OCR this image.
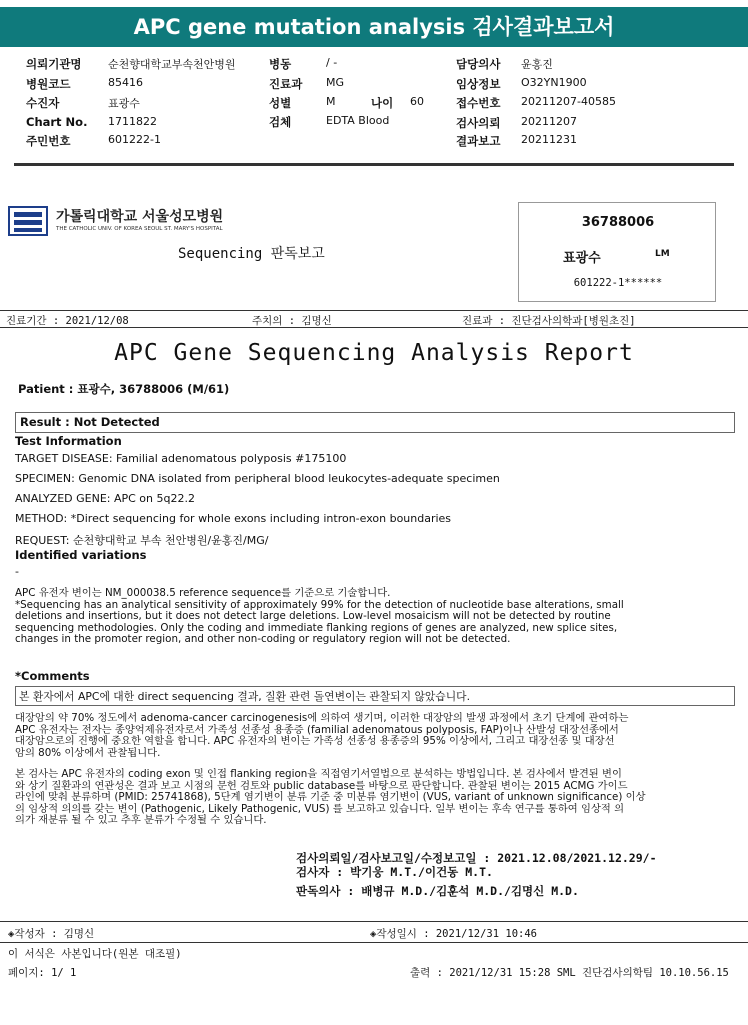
APC gene mutation analysis 검사결과보고서
의뢰기관명 순천향대학교부속천안병원
병원코드	85416
수진자	표광수
Chart No. 1711822
주민번호	601222-1
병동	/ -
진료과 MG
성별	M	나이 60
검체	EDTA Blood
담당의사 윤홍진
임상정보 O32YN1900
접수번호 20211207-40585
검사의뢰 20211207
결과보고 20211231
가톨릭대학교 서울성모병원
THE CATHOLIC UNIV. OF KOREA SEOUL ST. MARY'S HOSPITAL
Sequencing 판독보고
36788006
표광수	LM
601222-1******
진료기간 : 2021/12/08	주치의 : 김명신	진료과 : 진단검사의학과[병원초진]
APC Gene Sequencing Analysis Report
Patient : 표광수, 36788006 (M/61)
Result : Not Detected
Test Information
TARGET DISEASE: Familial adenomatous polyposis #175100
SPECIMEN: Genomic DNA isolated from peripheral blood leukocytes-adequate specimen
ANALYZED GENE: APC on 5q22.2
METHOD: *Direct sequencing for whole exons including intron-exon boundaries
REQUEST: 순천향대학교 부속 천안병원/윤홍진/MG/
Identified variations
-
APC 유전자 변이는 NM_000038.5 reference sequence를 기준으로 기술합니다.
*Sequencing has an analytical sensitivity of approximately 99% for the detection of nucleotide base alterations, small
deletions and insertions, but it does not detect large deletions. Low-level mosaicism will not be detected by routine
sequencing methodologies. Only the coding and immediate flanking regions of genes are analyzed, new splice sites,
changes in the promoter region, and other non-coding or regulatory region will not be detected.
*Comments
본 환자에서 APC에 대한 direct sequencing 결과, 질환 관련 돌연변이는 관찰되지 않았습니다.
대장암의 약 70% 정도에서 adenoma-cancer carcinogenesis에 의하여 생기며, 이러한 대장암의 발생 과정에서 초기 단계에 관여하는
APC 유전자는 전자는 종양억제유전자로서 가족성 선종성 용종증 (familial adenomatous polyposis, FAP)이나 산발성 대장선종에서
대장암으로의 진행에 중요한 역할을 합니다. APC 유전자의 변이는 가족성 선종성 용종증의 95% 이상에서, 그리고 대장선종 및 대장선
암의 80% 이상에서 관찰됩니다.
본 검사는 APC 유전자의 coding exon 및 인접 flanking region을 직접염기서열법으로 분석하는 방법입니다. 본 검사에서 발견된 변이
와 상기 질환과의 연관성은 결과 보고 시점의 문헌 검토와 public database를 바탕으로 판단합니다. 관찰된 변이는 2015 ACMG 가이드
라인에 맞춰 분류하며 (PMID: 25741868), 5단계 염기변이 분류 기준 중 미분류 염기변이 (VUS, variant of unknown significance) 이상
의 임상적 의의를 갖는 변이 (Pathogenic, Likely Pathogenic, VUS) 를 보고하고 있습니다. 일부 변이는 후속 연구를 통하여 임상적 의
의가 재분류 될 수 있고 추후 분류가 수정될 수 있습니다.
검사의뢰일/검사보고일/수정보고일 : 2021.12.08/2021.12.29/-
검사자 : 박기웅 M.T./이건동 M.T.
판독의사 : 배병규 M.D./김훈석 M.D./김명신 M.D.
◈작성자 : 김명신	◈작성일시 : 2021/12/31 10:46
이 서식은 사본입니다(원본 대조필)
페이지: 1/ 1	출력 : 2021/12/31 15:28 SML 진단검사의학팀 10.10.56.15
